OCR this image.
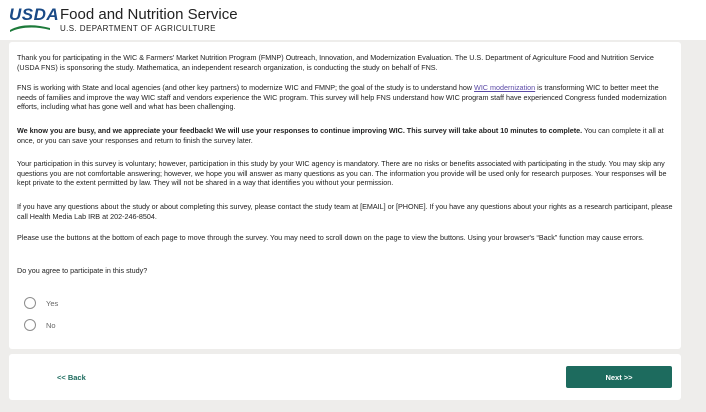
USDA Food and Nutrition Service
U.S. DEPARTMENT OF AGRICULTURE

Thank you for participating in the WIC & Farmers' Market Nutrition Program (FMNP) Outreach, Innovation, and Modernization Evaluation. The U.S. Department of Agriculture Food and Nutrition Service (USDA FNS) is sponsoring the study. Mathematica, an independent research organization, is conducting the study on behalf of FNS.

FNS is working with State and local agencies (and other key partners) to modernize WIC and FMNP; the goal of the study is to understand how WIC modernization is transforming WIC to better meet the needs of families and improve the way WIC staff and vendors experience the WIC program. This survey will help FNS understand how WIC program staff have experienced Congress funded modernization efforts, including what has gone well and what has been challenging.

We know you are busy, and we appreciate your feedback! We will use your responses to continue improving WIC. This survey will take about 10 minutes to complete. You can complete it all at once, or you can save your responses and return to finish the survey later.

Your participation in this survey is voluntary; however, participation in this study by your WIC agency is mandatory. There are no risks or benefits associated with participating in the study. You may skip any questions you are not comfortable answering; however, we hope you will answer as many questions as you can. The information you provide will be used only for research purposes. Your responses will be kept private to the extent permitted by law. They will not be shared in a way that identifies you without your permission.

If you have any questions about the study or about completing this survey, please contact the study team at [EMAIL] or [PHONE]. If you have any questions about your rights as a research participant, please call Health Media Lab IRB at 202-246-8504.

Please use the buttons at the bottom of each page to move through the survey. You may need to scroll down on the page to view the buttons. Using your browser's “Back” function may cause errors.

Do you agree to participate in this study?

Yes
No
<< Back	Next >>
